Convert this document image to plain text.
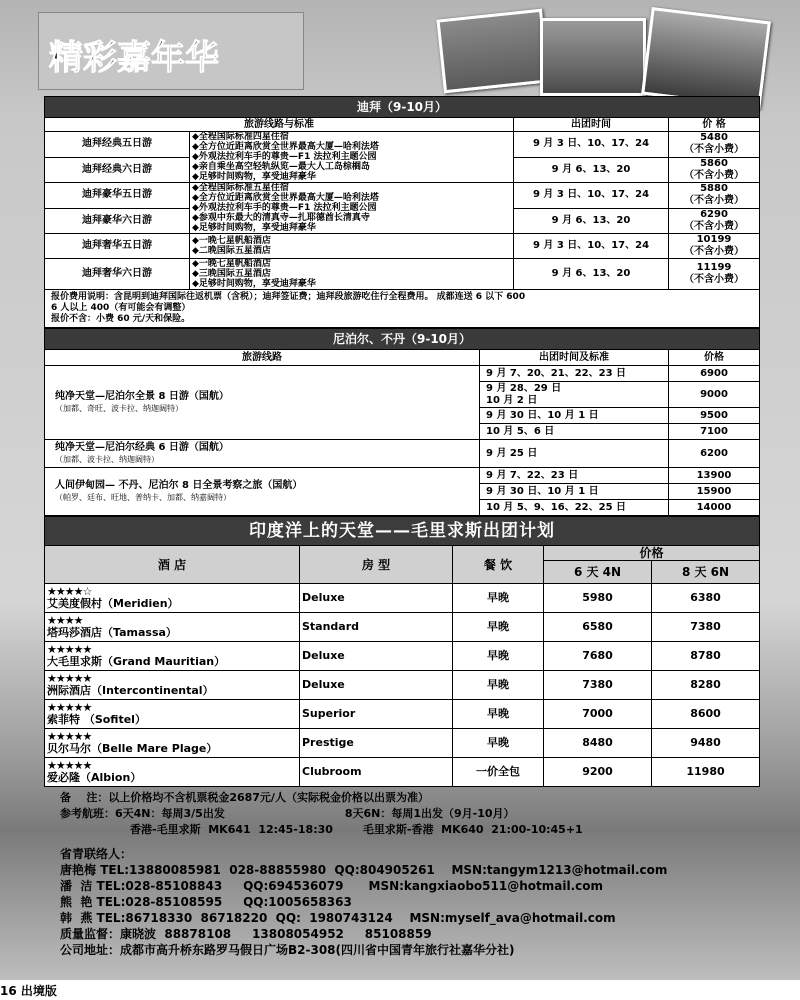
精彩嘉年华
迪拜（9-10月）			
旅游线路与标准		出团时间	价 格
迪拜经典五日游	◆全程国际标准四星住宿
◆全方位近距离欣赏全世界最高大厦—哈利法塔
◆外观法拉利车手的尊贵—F1 法拉利主题公园
◆亲自乘坐高空轻轨纵览—最大人工岛棕榈岛
◆足够时间购物，享受迪拜豪华	9 月 3 日、10、17、24	5480
（不含小费）
迪拜经典六日游		9 月 6、13、20	5860
（不含小费）
迪拜豪华五日游	◆全程国际标准五星住宿
◆全方位近距离欣赏全世界最高大厦—哈利法塔
◆外观法拉利车手的尊贵—F1 法拉利主题公园
◆参观中东最大的清真寺—扎耶德酋长清真寺
◆足够时间购物，享受迪拜豪华	9 月 3 日、10、17、24	5880
（不含小费）
迪拜豪华六日游		9 月 6、13、20	6290
（不含小费）
迪拜奢华五日游	◆一晚七星帆船酒店
◆二晚国际五星酒店	9 月 3 日、10、17、24	10199
（不含小费）
迪拜奢华六日游	◆一晚七星帆船酒店
◆三晚国际五星酒店
◆足够时间购物，享受迪拜豪华	9 月 6、13、20	11199
（不含小费）
报价费用说明：含昆明到迪拜国际往返机票（含税）；迪拜签证费；迪拜段旅游吃住行全程费用。 成都连送 6 以下 600
6 人以上 400（有可能会有调整）
报价不含：小费 60 元/天和保险。			
尼泊尔、不丹（9-10月）		
旅游线路	出团时间及标准	价格
纯净天堂—尼泊尔全景 8 日游（国航）
（加都、奇旺、波卡拉、纳迦阔特）	9 月 7、20、21、22、23 日	6900
	9 月 28、29 日
10 月 2 日	9000
	9 月 30 日、10 月 1 日	9500
	10 月 5、6 日	7100
纯净天堂—尼泊尔经典 6 日游（国航）
（加都、波卡拉、纳迦阔特）	9 月 25 日	6200
人间伊甸园— 不丹、尼泊尔 8 日全景考察之旅（国航）
（帕罗、廷布、旺地、普纳卡、加都、纳嘉阔特）	9 月 7、22、23 日	13900
	9 月 30 日、10 月 1 日	15900
	10 月 5、9、16、22、25 日	14000
印度洋上的天堂——毛里求斯出团计划				
酒 店	房 型	餐 饮	价格	
			6 天 4N	8 天 6N

★★★★☆
艾美度假村（Meridien）	Deluxe	早晚	5980	6380

★★★★
塔玛莎酒店（Tamassa）	Standard	早晚	6580	7380

★★★★★
大毛里求斯（Grand Mauritian）	Deluxe	早晚	7680	8780

★★★★★
洲际酒店（Intercontinental）	Deluxe	早晚	7380	8280

★★★★★
索菲特 （Sofitel）	Superior	早晚	7000	8600

★★★★★
贝尔马尔（Belle Mare Plage）	Prestige	早晚	8480	9480

★★★★★
爱必隆（Albion）	Clubroom	一价全包	9200	11980
备    注：以上价格均不含机票税金2687元/人（实际税金价格以出票为准）
参考航班：6天4N：每周3/5出发	8天6N：每周1出发（9月-10月）
香港-毛里求斯  MK641  12:45-18:30	毛里求斯-香港  MK640  21:00-10:45+1
省青联络人：
唐艳梅 TEL:13880085981  028-88855980  QQ:804905261    MSN:tangym1213@hotmail.com
潘  洁 TEL:028-85108843     QQ:694536079      MSN:kangxiaobo511@hotmail.com
熊  艳 TEL:028-85108595     QQ:1005658363
韩  燕 TEL:86718330  86718220  QQ:  1980743124    MSN:myself_ava@hotmail.com
质量监督：康晓波  88878108     13808054952     85108859
公司地址：成都市高升桥东路罗马假日广场B2-308(四川省中国青年旅行社嘉华分社)
16 出境版
